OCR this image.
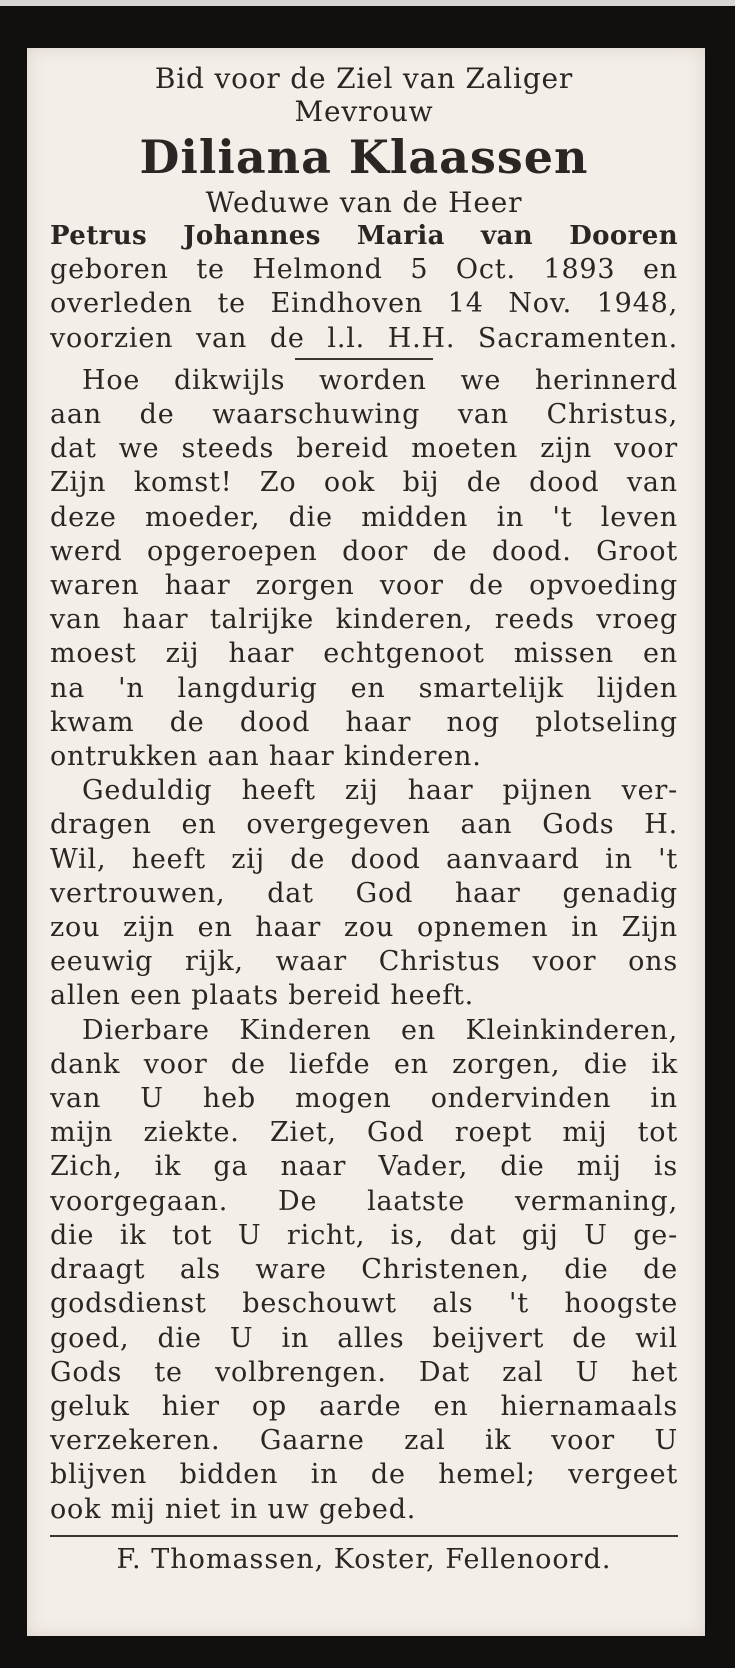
Bid voor de Ziel van Zaliger
Mevrouw
Diliana Klaassen
Weduwe van de Heer
Petrus Johannes Maria van Dooren
geboren te Helmond 5 Oct. 1893 en
overleden te Eindhoven 14 Nov. 1948,
voorzien van de l.l. H.H. Sacramenten.
Hoe dikwijls worden we herinnerd
aan de waarschuwing van Christus,
dat we steeds bereid moeten zijn voor
Zijn komst! Zo ook bij de dood van
deze moeder, die midden in 't leven
werd opgeroepen door de dood. Groot
waren haar zorgen voor de opvoeding
van haar talrijke kinderen, reeds vroeg
moest zij haar echtgenoot missen en
na 'n langdurig en smartelijk lijden
kwam de dood haar nog plotseling
ontrukken aan haar kinderen.
Geduldig heeft zij haar pijnen ver-
dragen en overgegeven aan Gods H.
Wil, heeft zij de dood aanvaard in 't
vertrouwen, dat God haar genadig
zou zijn en haar zou opnemen in Zijn
eeuwig rijk, waar Christus voor ons
allen een plaats bereid heeft.
Dierbare Kinderen en Kleinkinderen,
dank voor de liefde en zorgen, die ik
van U heb mogen ondervinden in
mijn ziekte. Ziet, God roept mij tot
Zich, ik ga naar Vader, die mij is
voorgegaan. De laatste vermaning,
die ik tot U richt, is, dat gij U ge-
draagt als ware Christenen, die de
godsdienst beschouwt als 't hoogste
goed, die U in alles beijvert de wil
Gods te volbrengen. Dat zal U het
geluk hier op aarde en hiernamaals
verzekeren. Gaarne zal ik voor U
blijven bidden in de hemel; vergeet
ook mij niet in uw gebed.
F. Thomassen, Koster, Fellenoord.
